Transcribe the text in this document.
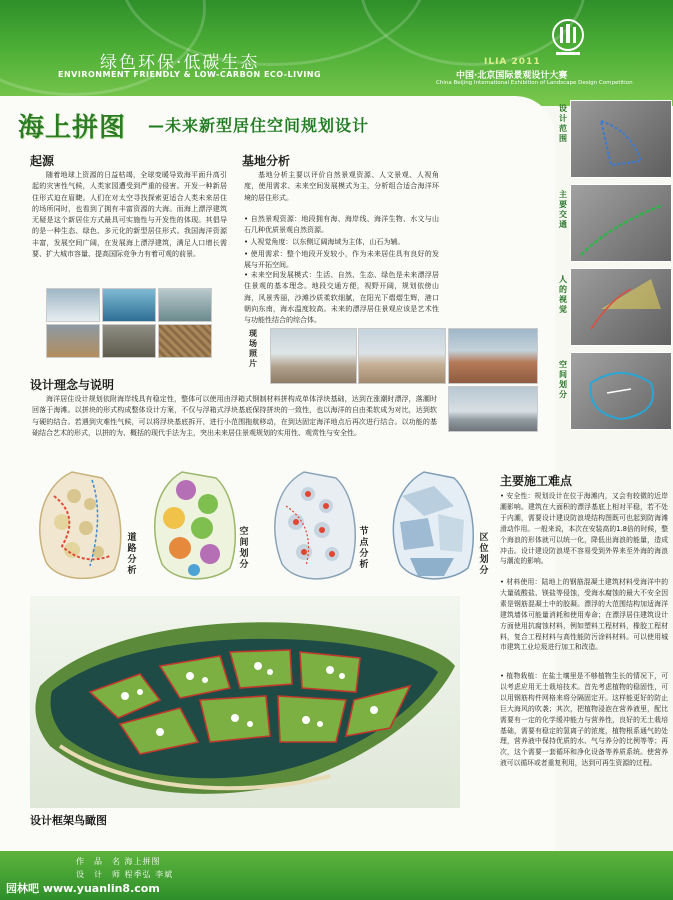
绿色环保·低碳生态
ENVIRONMENT FRIENDLY & LOW-CARBON ECO-LIVING
ILIA 2011
中国·北京国际景观设计大赛
China Beijing International Exhibition of Landscape Design Competition
海上拼图 —未来新型居住空间规划设计
起源
随着地球上资源的日益枯竭，全球变暖导致海平面升高引起的灾害性气候，人类家园遭受到严重的侵害。开发一种新居住形式迫在眉睫。人们在对太空寻找探索更适合人类未来居住的场所同时，也看到了拥有丰富资源的大海。而海上漂浮建筑无疑是这个新居住方式最具可实施性与开发性的体现。其倡导的是一种生态、绿色、多元化的新型居住形式。我国海洋资源丰富，发展空间广阔，在发展海上漂浮建筑，满足人口增长需要、扩大城市容量、提高国际竞争力有着可观的前景。
基地分析
基地分析主要以评价自然景观资源、人文景观、人视角度，使用需求、未来空间发展模式为主，分析组合适合海洋环境的居住形式。
• 自然景观资源：地段拥有海、海岸线、海洋生物、水文与山石几种优质景观自然资源。
• 人视觉角度：以东侧辽阔海域为主体，山石为辅。
• 使用需求：整个地段开发较小，作为未来居住具有良好的发展与开拓空间。
• 未来空间发展模式：生活、自然、生态、绿色是未来漂浮居住景观的基本理念。地段交通方便，视野开阔，规划依傍山海，风景秀丽，沙滩沙质柔软细腻，在阳光下熠熠生辉，港口朝向东南，海水温度较高。未来的漂浮居住景观应该是艺术性与功能性结合的综合体。
现场照片
设计理念与说明
海洋居住设计规划依附海岸线具有稳定性，整体可以使用由浮箱式钢制材料拼构成单体浮块基础，达到在涨潮时漂浮，落潮时回落于海滩。以拼块的形式构成整体设计方案，不仅与浮箱式浮块基底保持拼块的一致性，也以海洋的自由柔软成为对比，达到软与硬的结合。若遇到灾难性气候，可以将浮块基底拆开，进行小范围拖航移动，在到达固定海洋地点后再次进行结合。以功能的基础结合艺术的形式，以拼的为、概括的现代手法为主，突出未来居住景观规划的实用性、观赏性与安全性。
道路分析
空间划分
节点分析
区位划分
设计框架鸟瞰图
设计范围
主要交通
人的视觉
空间划分
主要施工难点
• 安全性：规划设计在位于海滩内，又会有较微的近岸潮影响。建筑在大面积的漂浮基底上相对平稳，若不处于内潮，需要设计建设防浪堤结构图既可也起到防海滩滑动作用。一般来说，本次在安装高的1.8倍的时候，整个海浪的形体就可以统一化，降低出海浪的能量，造成冲击。设计建设防浪堤不容易受到外界来至外海的海浪与潮流的影响。
• 材料使用：陆地上的钢筋混凝土建筑材料受海洋中的大量硫酸盐、镁盐等侵蚀，受海水腐蚀的最大不安全因素是钢筋混凝土中的胶凝。漂浮的大范围结构加适海洋建筑墙体可能量消耗和使用寿命；在漂浮居住建筑设计方面使用抗腐蚀材料，例如塑料工程材料，橡胶工程材料，复合工程材料与高性能防污涂料材料。可以使用城市建筑工业垃圾进行加工和改造。
• 植物栽植：在盐土壤里是不够植物生长的情况下，可以考虑应用无土栽培技术。首先考虑植物的稳固性，可以用钢筋构件网格来将分隔固定开。这样能更好的防止巨大海风的吹袭；其次，把植物浸泡在营养液里，配比需要有一定的化学缓冲能力与营养性，良好的无土栽培基础，需要有稳定的氢离子的浓度，植物根系通气的处理，营养液中保持优质的水、气与养分的比例等等；再次，这个需要一套循环和净化设备等养质系统。使营养液可以循环或者重复利用，达到可再生资源的过程。
作　品　名 海上拼图
设　计　师 程季弘 李斌
园林吧 www.yuanlin8.com
